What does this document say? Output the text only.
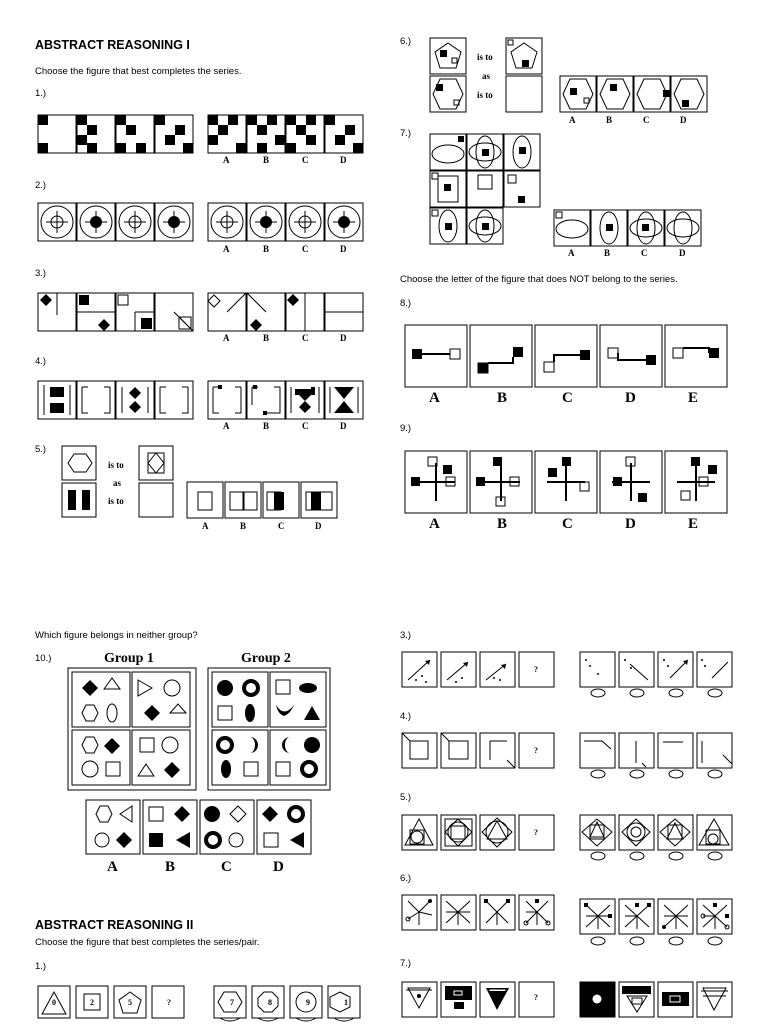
ABSTRACT REASONING I
Choose the figure that best completes the series.
1.)
A	B	C	D
2.)
A	B	C	D
3.)
A	B	C	D
4.)
A	B	C	D
5.)
is to
as
is to
A	B	C	D
6.)
is to
as
is to
A	B	C	D
7.)
A	B	C	D
Choose the letter of the figure that does NOT belong to the series.
8.)
A	B	C	D	E
9.)
A	B	C	D	E
Which figure belongs in neither group?
10.)	Group 1	Group 2
A	B	C	D
ABSTRACT REASONING II
Choose the figure that best completes the series/pair.
1.)
0	2	5	?	7	8	9	1
3.)
?
4.)
?
5.)
?
6.)
7.)
?
